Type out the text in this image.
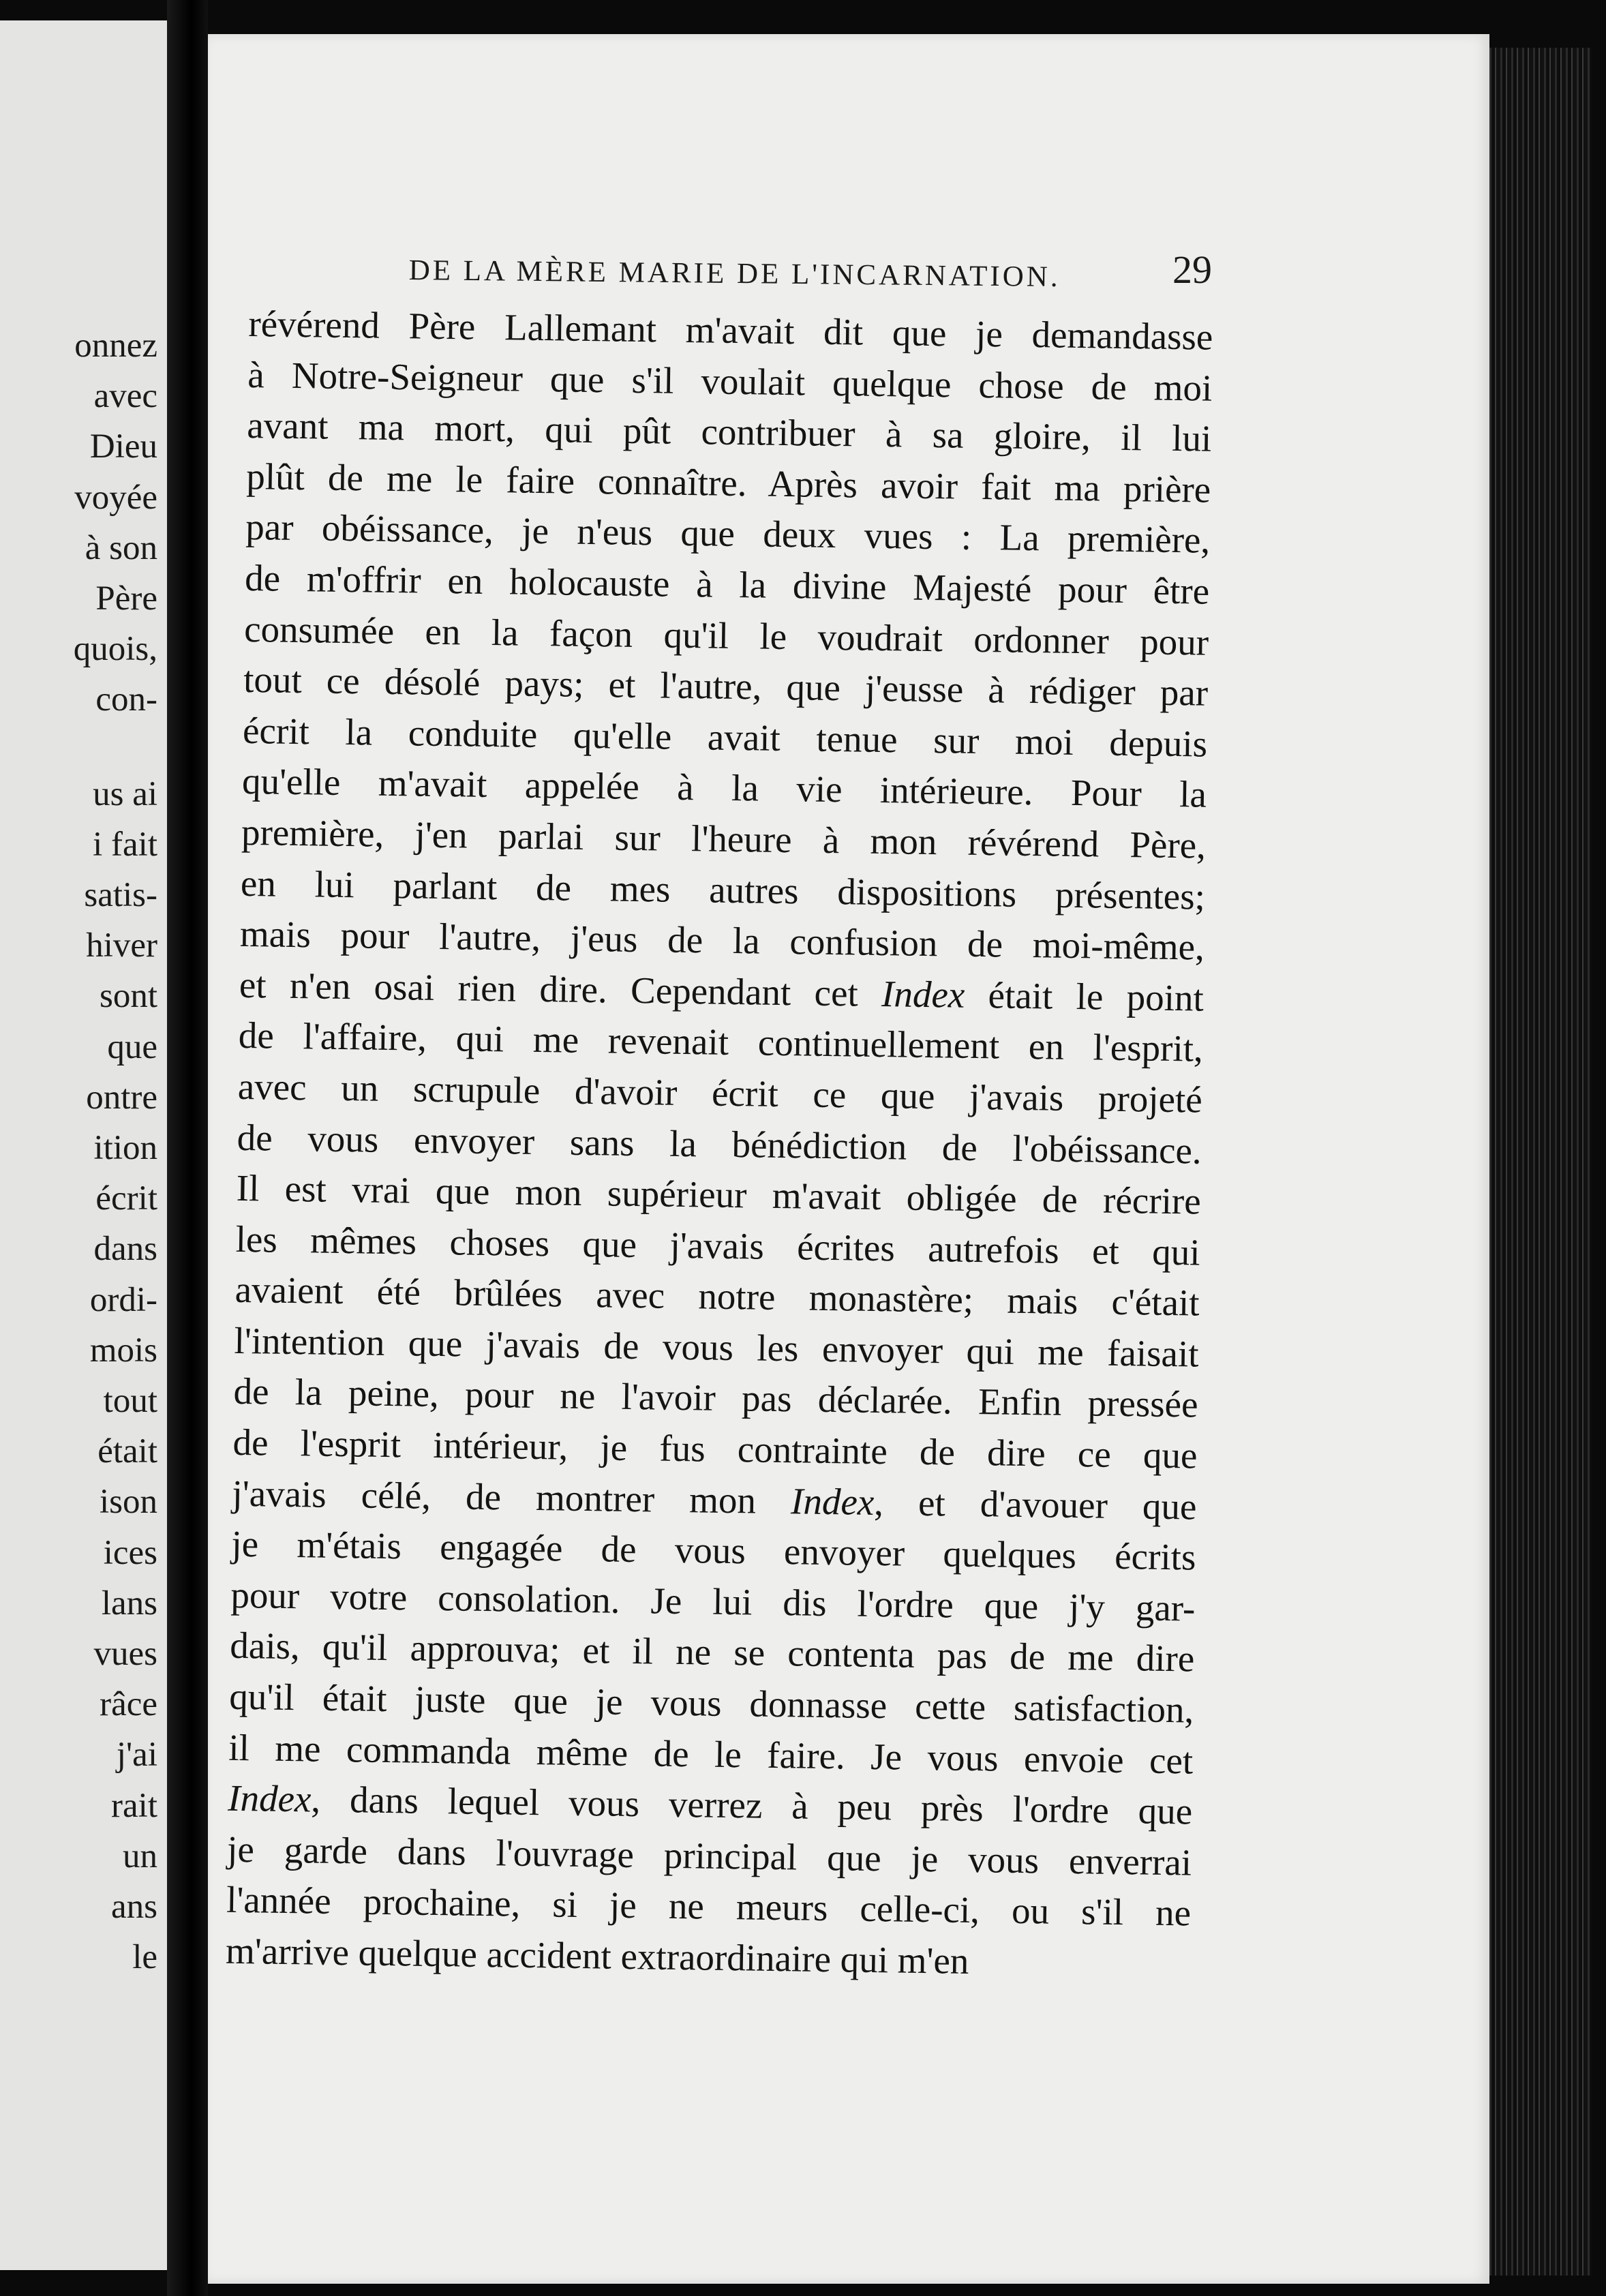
onnez
avec
Dieu
voyée
à son
Père
quois,
con-
us ai
i fait
satis-
hiver
sont
que
ontre
ition
écrit
dans
ordi-
mois
tout
était
ison
ices
lans
vues
râce
j'ai
rait
un
ans
le
DE LA MÈRE MARIE DE L'INCARNATION.	29
révérend Père Lallemant m'avait dit que je demandasse
à Notre-Seigneur que s'il voulait quelque chose de moi
avant ma mort, qui pût contribuer à sa gloire, il lui
plût de me le faire connaître. Après avoir fait ma prière
par obéissance, je n'eus que deux vues : La première,
de m'offrir en holocauste à la divine Majesté pour être
consumée en la façon qu'il le voudrait ordonner pour
tout ce désolé pays; et l'autre, que j'eusse à rédiger par
écrit la conduite qu'elle avait tenue sur moi depuis
qu'elle m'avait appelée à la vie intérieure. Pour la
première, j'en parlai sur l'heure à mon révérend Père,
en lui parlant de mes autres dispositions présentes;
mais pour l'autre, j'eus de la confusion de moi-même,
et n'en osai rien dire. Cependant cet Index était le point
de l'affaire, qui me revenait continuellement en l'esprit,
avec un scrupule d'avoir écrit ce que j'avais projeté
de vous envoyer sans la bénédiction de l'obéissance.
Il est vrai que mon supérieur m'avait obligée de récrire
les mêmes choses que j'avais écrites autrefois et qui
avaient été brûlées avec notre monastère; mais c'était
l'intention que j'avais de vous les envoyer qui me faisait
de la peine, pour ne l'avoir pas déclarée. Enfin pressée
de l'esprit intérieur, je fus contrainte de dire ce que
j'avais célé, de montrer mon Index, et d'avouer que
je m'étais engagée de vous envoyer quelques écrits
pour votre consolation. Je lui dis l'ordre que j'y gar-
dais, qu'il approuva; et il ne se contenta pas de me dire
qu'il était juste que je vous donnasse cette satisfaction,
il me commanda même de le faire. Je vous envoie cet
Index, dans lequel vous verrez à peu près l'ordre que
je garde dans l'ouvrage principal que je vous enverrai
l'année prochaine, si je ne meurs celle-ci, ou s'il ne
m'arrive quelque accident extraordinaire qui m'en
